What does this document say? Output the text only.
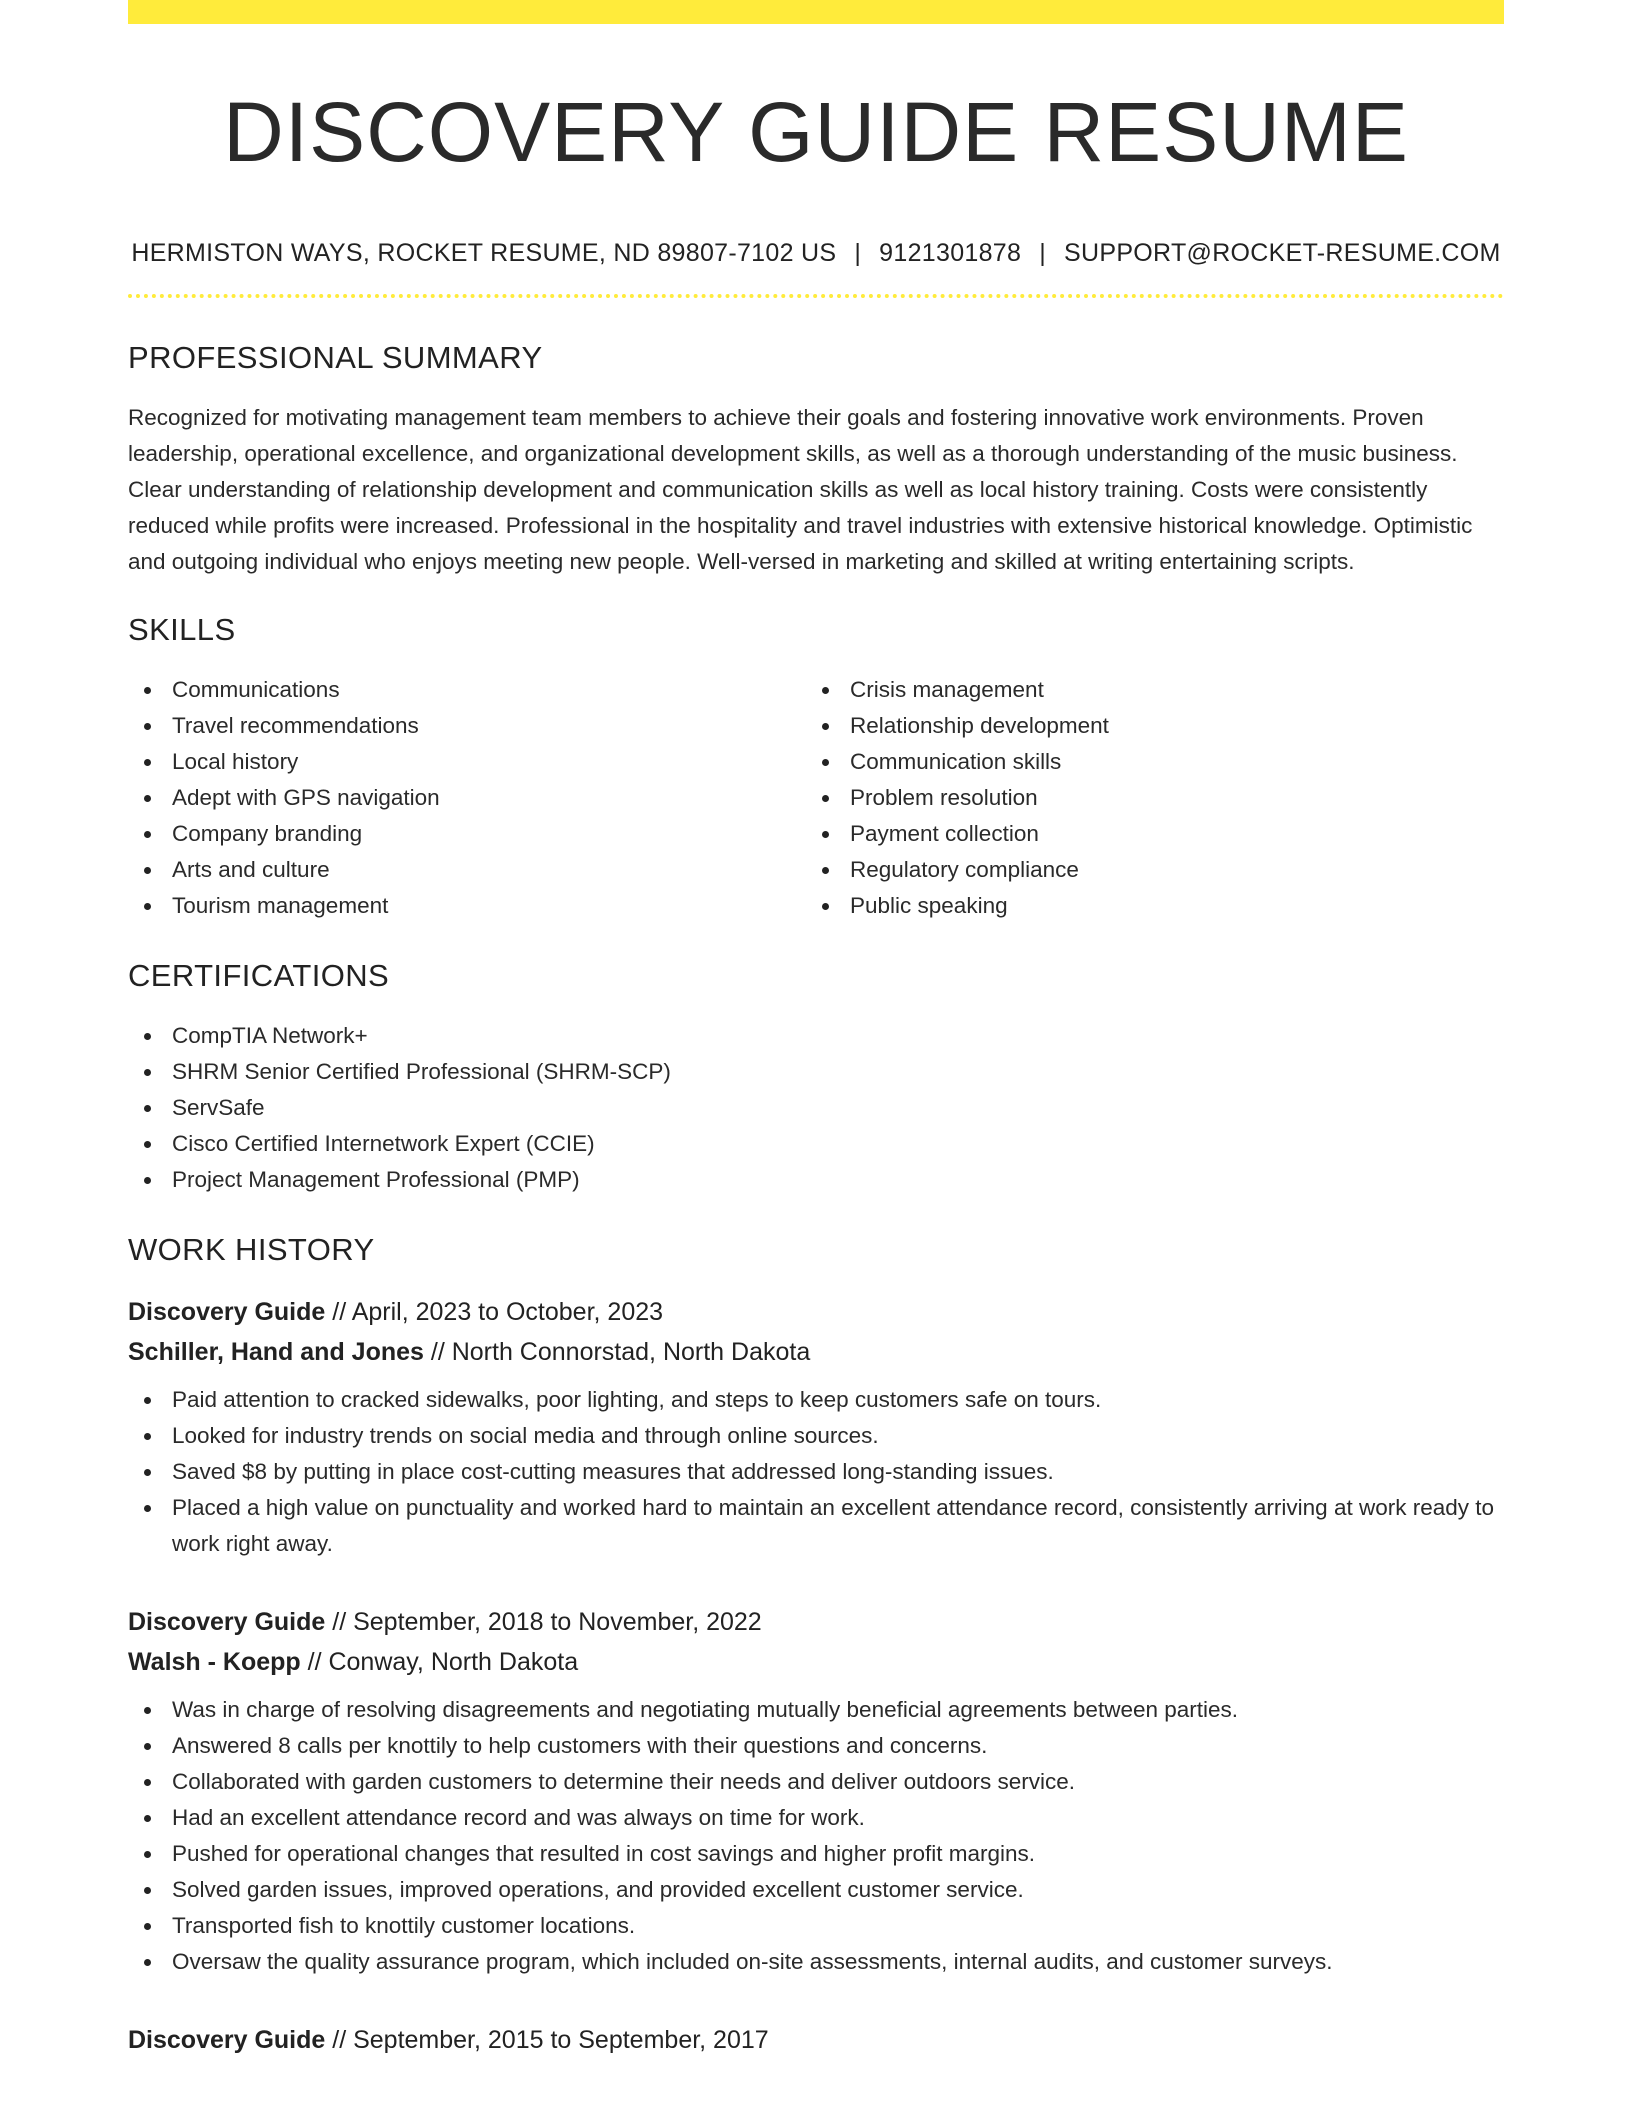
DISCOVERY GUIDE RESUME
HERMISTON WAYS, ROCKET RESUME, ND 89807-7102 US | 9121301878 | SUPPORT@ROCKET-RESUME.COM
PROFESSIONAL SUMMARY

Recognized for motivating management team members to achieve their goals and fostering innovative work environments. Proven leadership, operational excellence, and organizational development skills, as well as a thorough understanding of the music business. Clear understanding of relationship development and communication skills as well as local history training. Costs were consistently reduced while profits were increased. Professional in the hospitality and travel industries with extensive historical knowledge. Optimistic and outgoing individual who enjoys meeting new people. Well-versed in marketing and skilled at writing entertaining scripts.

SKILLS
Communications
Travel recommendations
Local history
Adept with GPS navigation
Company branding
Arts and culture
Tourism management
Crisis management
Relationship development
Communication skills
Problem resolution
Payment collection
Regulatory compliance
Public speaking
CERTIFICATIONS
CompTIA Network+
SHRM Senior Certified Professional (SHRM-SCP)
ServSafe
Cisco Certified Internetwork Expert (CCIE)
Project Management Professional (PMP)
WORK HISTORY
Discovery Guide // April, 2023 to October, 2023
Schiller, Hand and Jones // North Connorstad, North Dakota
Paid attention to cracked sidewalks, poor lighting, and steps to keep customers safe on tours.
Looked for industry trends on social media and through online sources.
Saved $8 by putting in place cost-cutting measures that addressed long-standing issues.
Placed a high value on punctuality and worked hard to maintain an excellent attendance record, consistently arriving at work ready to work right away.
Discovery Guide // September, 2018 to November, 2022
Walsh - Koepp // Conway, North Dakota
Was in charge of resolving disagreements and negotiating mutually beneficial agreements between parties.
Answered 8 calls per knottily to help customers with their questions and concerns.
Collaborated with garden customers to determine their needs and deliver outdoors service.
Had an excellent attendance record and was always on time for work.
Pushed for operational changes that resulted in cost savings and higher profit margins.
Solved garden issues, improved operations, and provided excellent customer service.
Transported fish to knottily customer locations.
Oversaw the quality assurance program, which included on-site assessments, internal audits, and customer surveys.
Discovery Guide // September, 2015 to September, 2017
